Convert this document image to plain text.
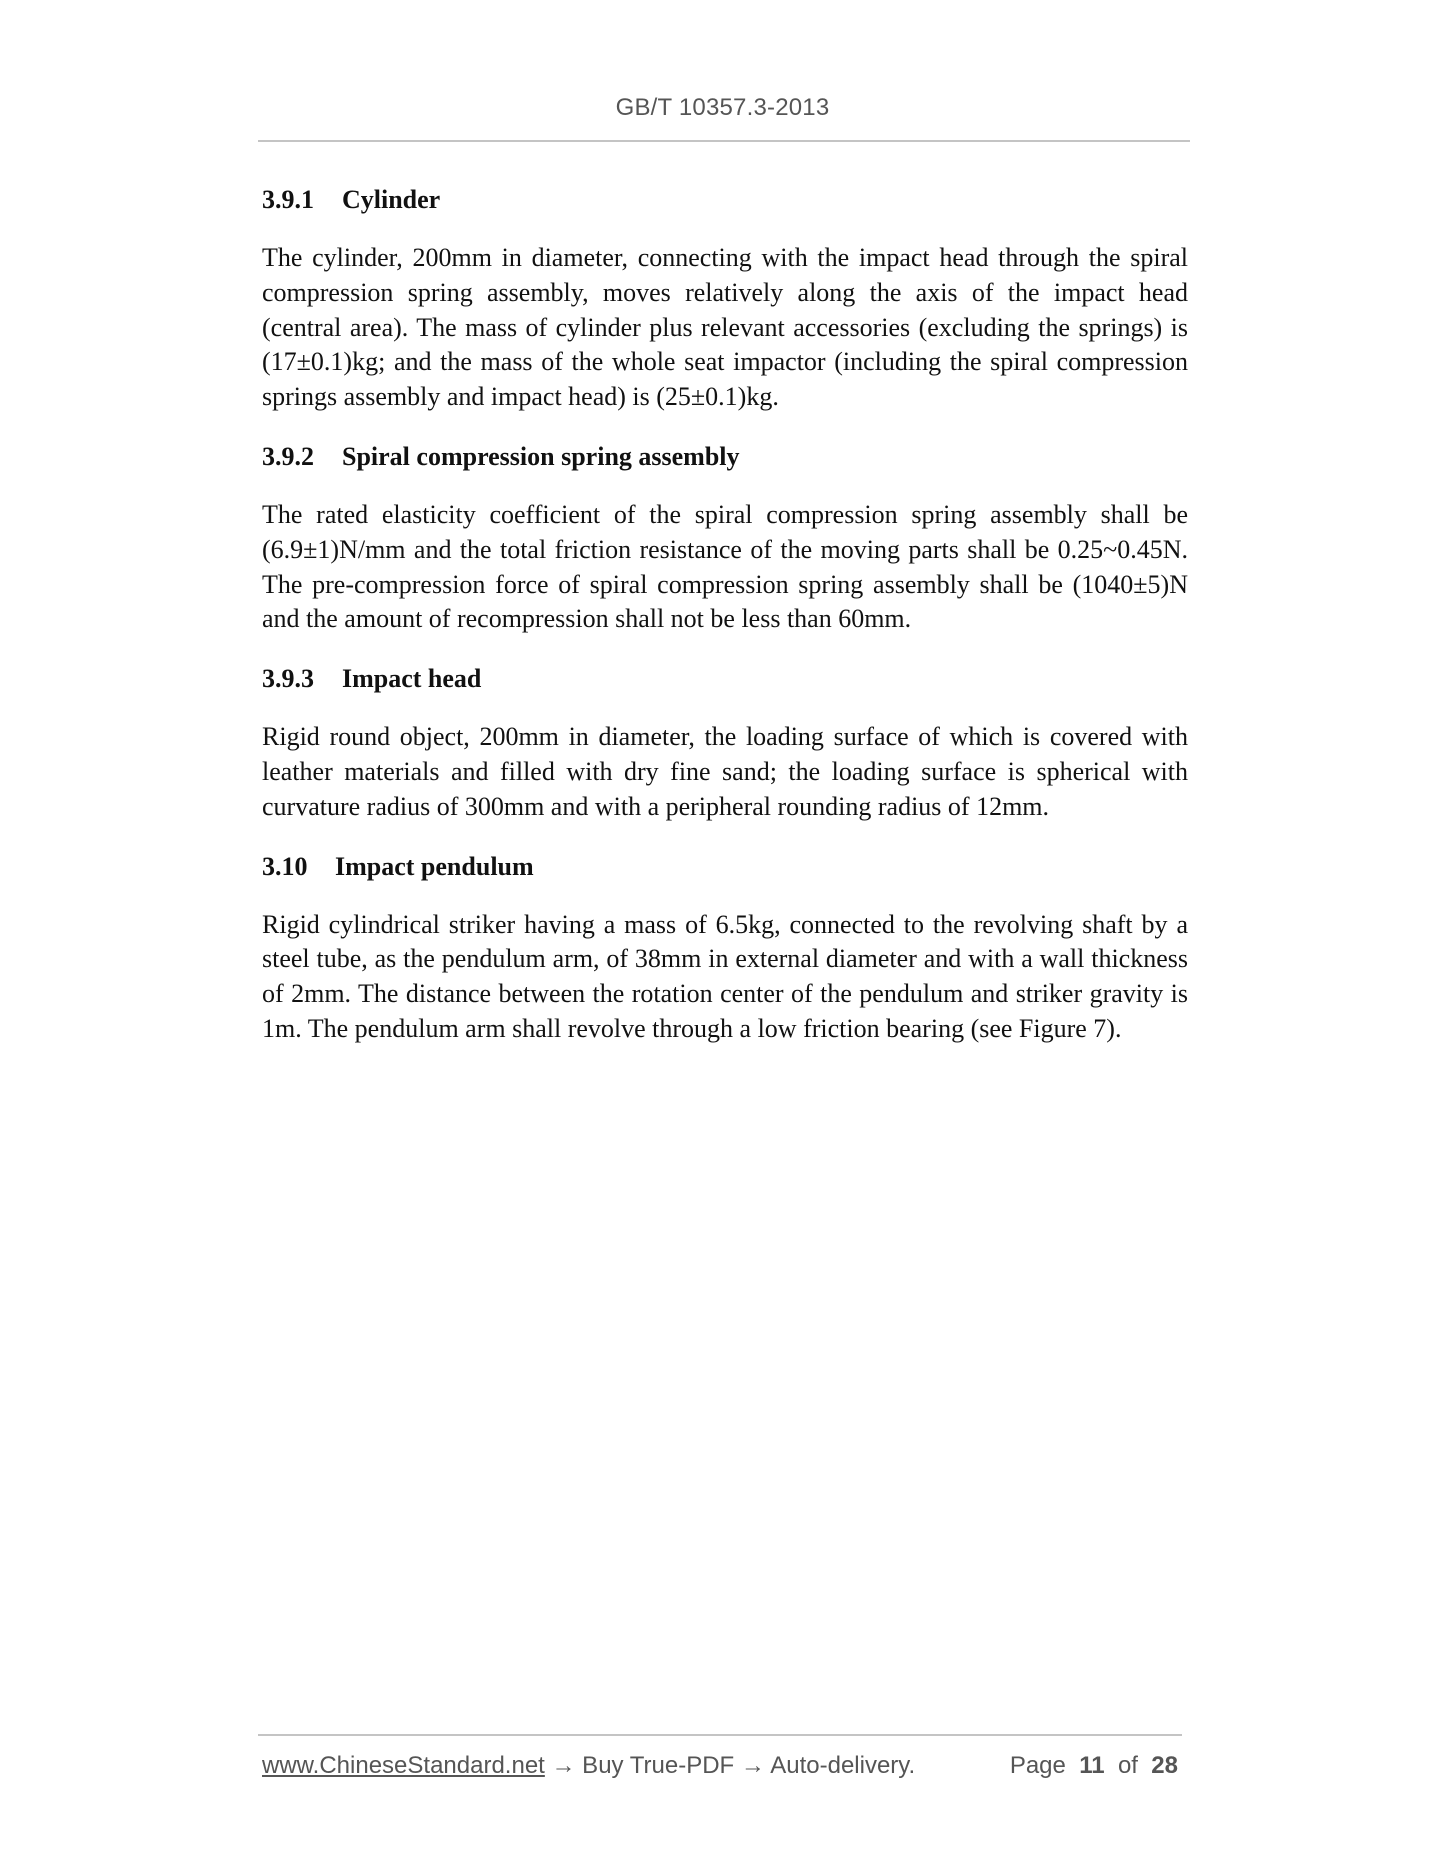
GB/T 10357.3-2013
3.9.1 Cylinder

The cylinder, 200mm in diameter, connecting with the impact head through the spiral compression spring assembly, moves relatively along the axis of the impact head (central area). The mass of cylinder plus relevant accessories (excluding the springs) is (17±0.1)kg; and the mass of the whole seat impactor (including the spiral compression springs assembly and impact head) is (25±0.1)kg.

3.9.2 Spiral compression spring assembly

The rated elasticity coefficient of the spiral compression spring assembly shall be (6.9±1)N/mm and the total friction resistance of the moving parts shall be 0.25~0.45N. The pre-compression force of spiral compression spring assembly shall be (1040±5)N and the amount of recompression shall not be less than 60mm.

3.9.3 Impact head

Rigid round object, 200mm in diameter, the loading surface of which is covered with leather materials and filled with dry fine sand; the loading surface is spherical with curvature radius of 300mm and with a peripheral rounding radius of 12mm.

3.10 Impact pendulum

Rigid cylindrical striker having a mass of 6.5kg, connected to the revolving shaft by a steel tube, as the pendulum arm, of 38mm in external diameter and with a wall thickness of 2mm. The distance between the rotation center of the pendulum and striker gravity is 1m. The pendulum arm shall revolve through a low friction bearing (see Figure 7).

www.ChineseStandard.net → Buy True-PDF → Auto-delivery.	Page 11 of 28
